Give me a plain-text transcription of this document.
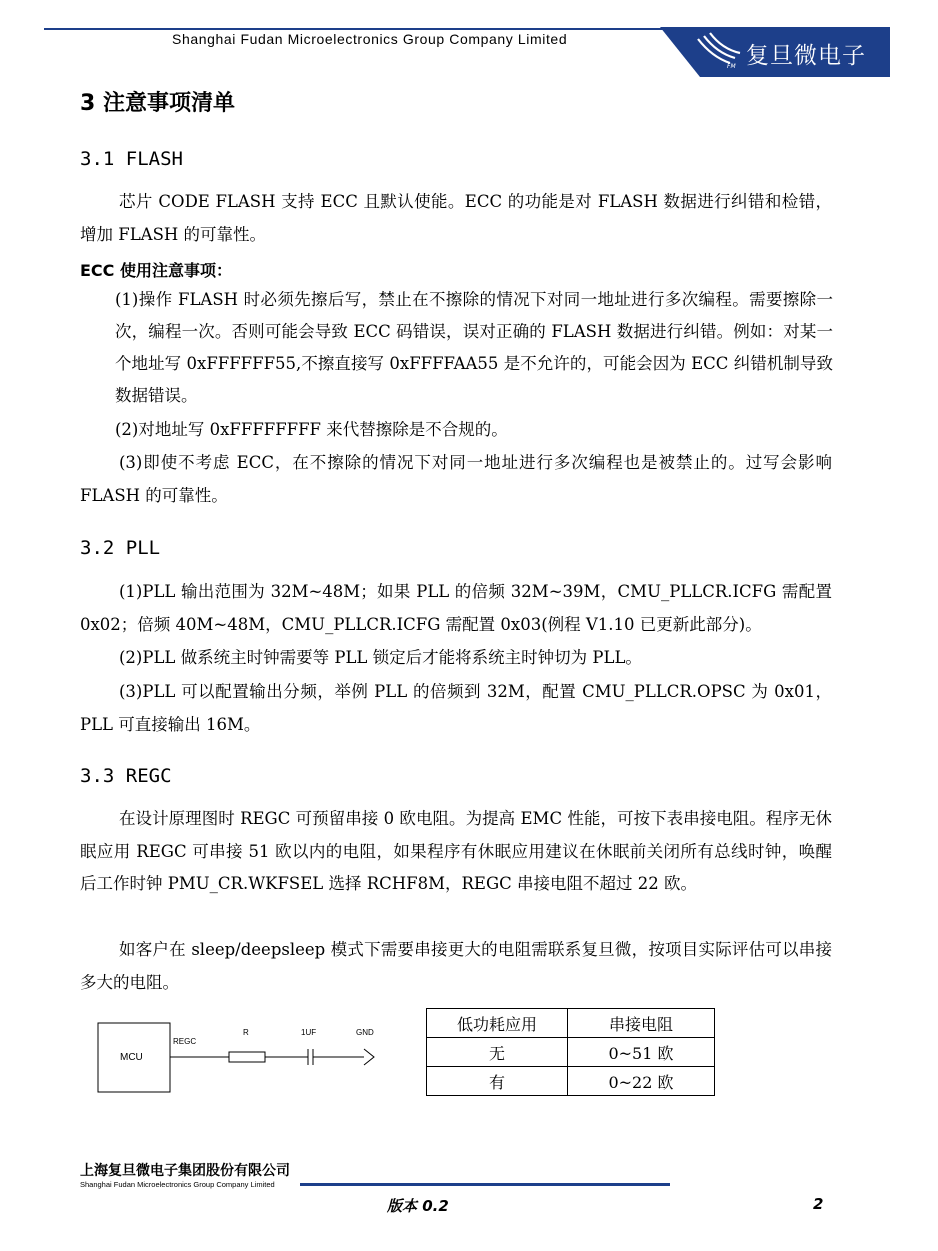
Shanghai Fudan Microelectronics Group Company Limited
复旦微电子
FM
3 注意事项清单
3.1 FLASH

芯片 CODE FLASH 支持 ECC 且默认使能。ECC 的功能是对 FLASH 数据进行纠错和检错，增加 FLASH 的可靠性。

ECC 使用注意事项：

(1)操作 FLASH 时必须先擦后写，禁止在不擦除的情况下对同一地址进行多次编程。需要擦除一次，编程一次。否则可能会导致 ECC 码错误，误对正确的 FLASH 数据进行纠错。例如：对某一个地址写 0xFFFFFF55,不擦直接写 0xFFFFAA55 是不允许的，可能会因为 ECC 纠错机制导致数据错误。

(2)对地址写 0xFFFFFFFF 来代替擦除是不合规的。

(3)即使不考虑 ECC，在不擦除的情况下对同一地址进行多次编程也是被禁止的。过写会影响 FLASH 的可靠性。

3.2 PLL

(1)PLL 输出范围为 32M~48M；如果 PLL 的倍频 32M~39M，CMU_PLLCR.ICFG 需配置 0x02；倍频 40M~48M，CMU_PLLCR.ICFG 需配置 0x03(例程 V1.10 已更新此部分)。

(2)PLL 做系统主时钟需要等 PLL 锁定后才能将系统主时钟切为 PLL。

(3)PLL 可以配置输出分频，举例 PLL 的倍频到 32M，配置 CMU_PLLCR.OPSC 为 0x01，PLL 可直接输出 16M。

3.3 REGC

在设计原理图时 REGC 可预留串接 0 欧电阻。为提高 EMC 性能，可按下表串接电阻。程序无休眠应用 REGC 可串接 51 欧以内的电阻，如果程序有休眠应用建议在休眠前关闭所有总线时钟，唤醒后工作时钟 PMU_CR.WKFSEL 选择 RCHF8M，REGC 串接电阻不超过 22 欧。

如客户在 sleep/deepsleep 模式下需要串接更大的电阻需联系复旦微，按项目实际评估可以串接多大的电阻。

MCU
REGC
R	1UF	GND	低功耗应用	串接电阻
无	0~51 欧
有	0~22 欧
上海复旦微电子集团股份有限公司
Shanghai Fudan Microelectronics Group Company Limited
版本 0.2	2
